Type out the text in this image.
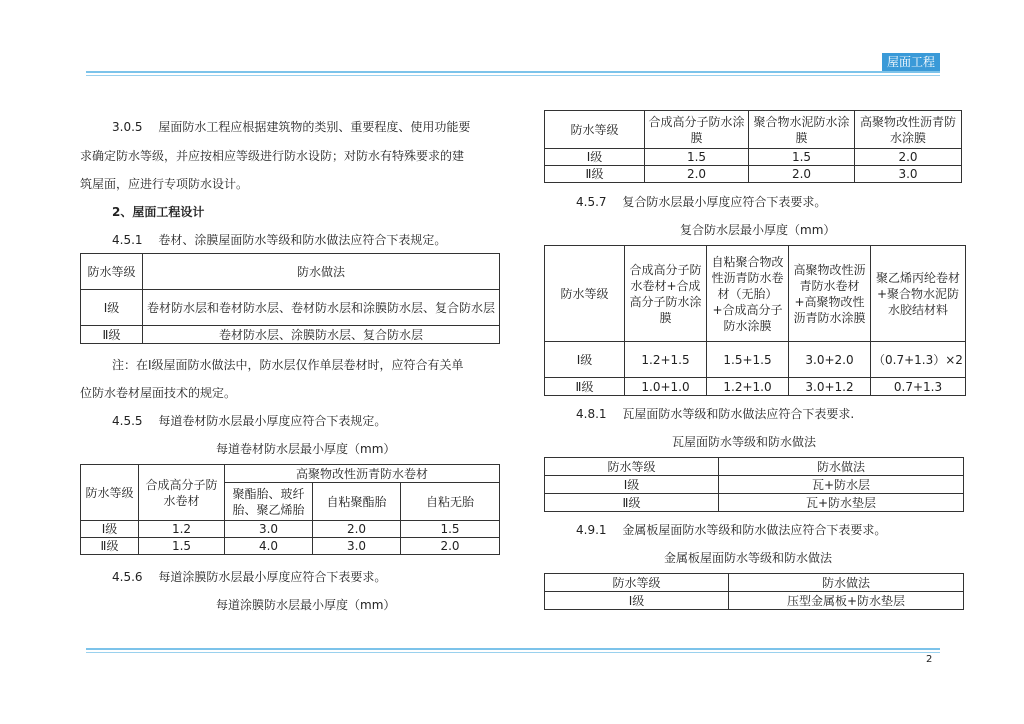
屋面工程
3.0.5　 屋面防水工程应根据建筑物的类别、重要程度、使用功能要
求确定防水等级，并应按相应等级进行防水设防；对防水有特殊要求的建
筑屋面，应进行专项防水设计。
2、屋面工程设计
4.5.1　 卷材、涂膜屋面防水等级和防水做法应符合下表规定。
防水等级	防水做法
Ⅰ级	卷材防水层和卷材防水层、卷材防水层和涂膜防水层、复合防水层
Ⅱ级	卷材防水层、涂膜防水层、复合防水层
注：在Ⅰ级屋面防水做法中，防水层仅作单层卷材时，应符合有关单
位防水卷材屋面技术的规定。
4.5.5　 每道卷材防水层最小厚度应符合下表规定。
每道卷材防水层最小厚度（mm）
防水等级	合成高分子防水卷材	高聚物改性沥青防水卷材		
		聚酯胎、玻纤胎、聚乙烯胎	自粘聚酯胎	自粘无胎
Ⅰ级	1.2	3.0	2.0	1.5
Ⅱ级	1.5	4.0	3.0	2.0
4.5.6　 每道涂膜防水层最小厚度应符合下表要求。
每道涂膜防水层最小厚度（mm）
防水等级	合成高分子防水涂膜	聚合物水泥防水涂膜	高聚物改性沥青防水涂膜
Ⅰ级	1.5	1.5	2.0
Ⅱ级	2.0	2.0	3.0
4.5.7　 复合防水层最小厚度应符合下表要求。
复合防水层最小厚度（mm）
防水等级	合成高分子防水卷材+合成高分子防水涂膜	自粘聚合物改性沥青防水卷材（无胎）+合成高分子防水涂膜	高聚物改性沥青防水卷材+高聚物改性沥青防水涂膜	聚乙烯丙纶卷材+聚合物水泥防水胶结材料
Ⅰ级	1.2+1.5	1.5+1.5	3.0+2.0	（0.7+1.3）×2
Ⅱ级	1.0+1.0	1.2+1.0	3.0+1.2	0.7+1.3
4.8.1　 瓦屋面防水等级和防水做法应符合下表要求.
瓦屋面防水等级和防水做法
防水等级	防水做法
Ⅰ级	瓦+防水层
Ⅱ级	瓦+防水垫层
4.9.1　 金属板屋面防水等级和防水做法应符合下表要求。
金属板屋面防水等级和防水做法
防水等级	防水做法
Ⅰ级	压型金属板+防水垫层
2
